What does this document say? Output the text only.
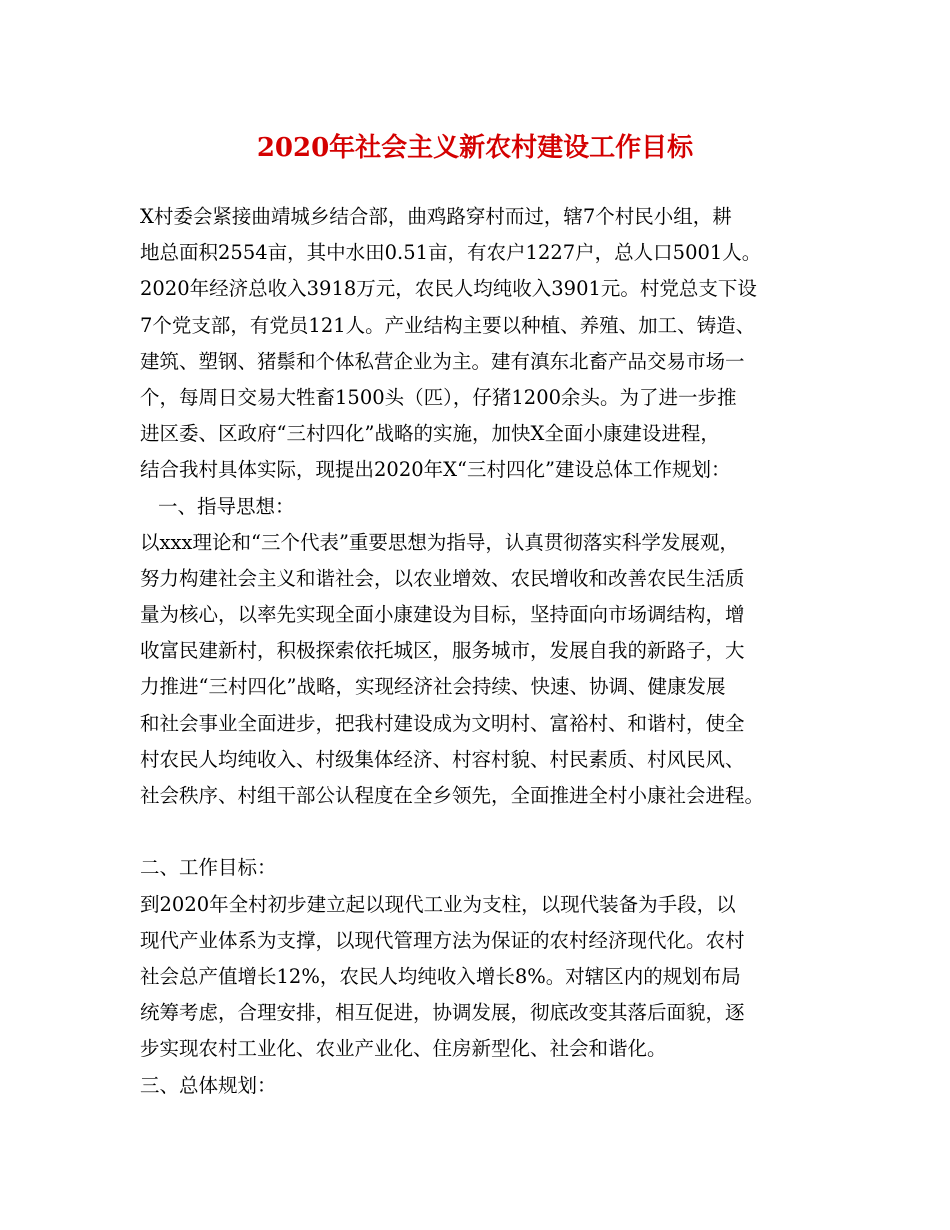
2020年社会主义新农村建设工作目标
X村委会紧接曲靖城乡结合部，曲鸡路穿村而过，辖7个村民小组，耕
地总面积2554亩，其中水田0.51亩，有农户1227户，总人口5001人。
2020年经济总收入3918万元，农民人均纯收入3901元。村党总支下设
7个党支部，有党员121人。产业结构主要以种植、养殖、加工、铸造、
建筑、塑钢、猪鬃和个体私营企业为主。建有滇东北畜产品交易市场一
个，每周日交易大牲畜1500头（匹），仔猪1200余头。为了进一步推
进区委、区政府“三村四化”战略的实施，加快X全面小康建设进程，
结合我村具体实际，现提出2020年X“三村四化”建设总体工作规划：
一、指导思想：
以xxx理论和“三个代表”重要思想为指导，认真贯彻落实科学发展观，
努力构建社会主义和谐社会，以农业增效、农民增收和改善农民生活质
量为核心，以率先实现全面小康建设为目标，坚持面向市场调结构，增
收富民建新村，积极探索依托城区，服务城市，发展自我的新路子，大
力推进“三村四化”战略，实现经济社会持续、快速、协调、健康发展
和社会事业全面进步，把我村建设成为文明村、富裕村、和谐村，使全
村农民人均纯收入、村级集体经济、村容村貌、村民素质、村风民风、
社会秩序、村组干部公认程度在全乡领先，全面推进全村小康社会进程。
二、工作目标：
到2020年全村初步建立起以现代工业为支柱，以现代装备为手段，以
现代产业体系为支撑，以现代管理方法为保证的农村经济现代化。农村
社会总产值增长12%，农民人均纯收入增长8%。对辖区内的规划布局
统筹考虑，合理安排，相互促进，协调发展，彻底改变其落后面貌，逐
步实现农村工业化、农业产业化、住房新型化、社会和谐化。
三、总体规划：
